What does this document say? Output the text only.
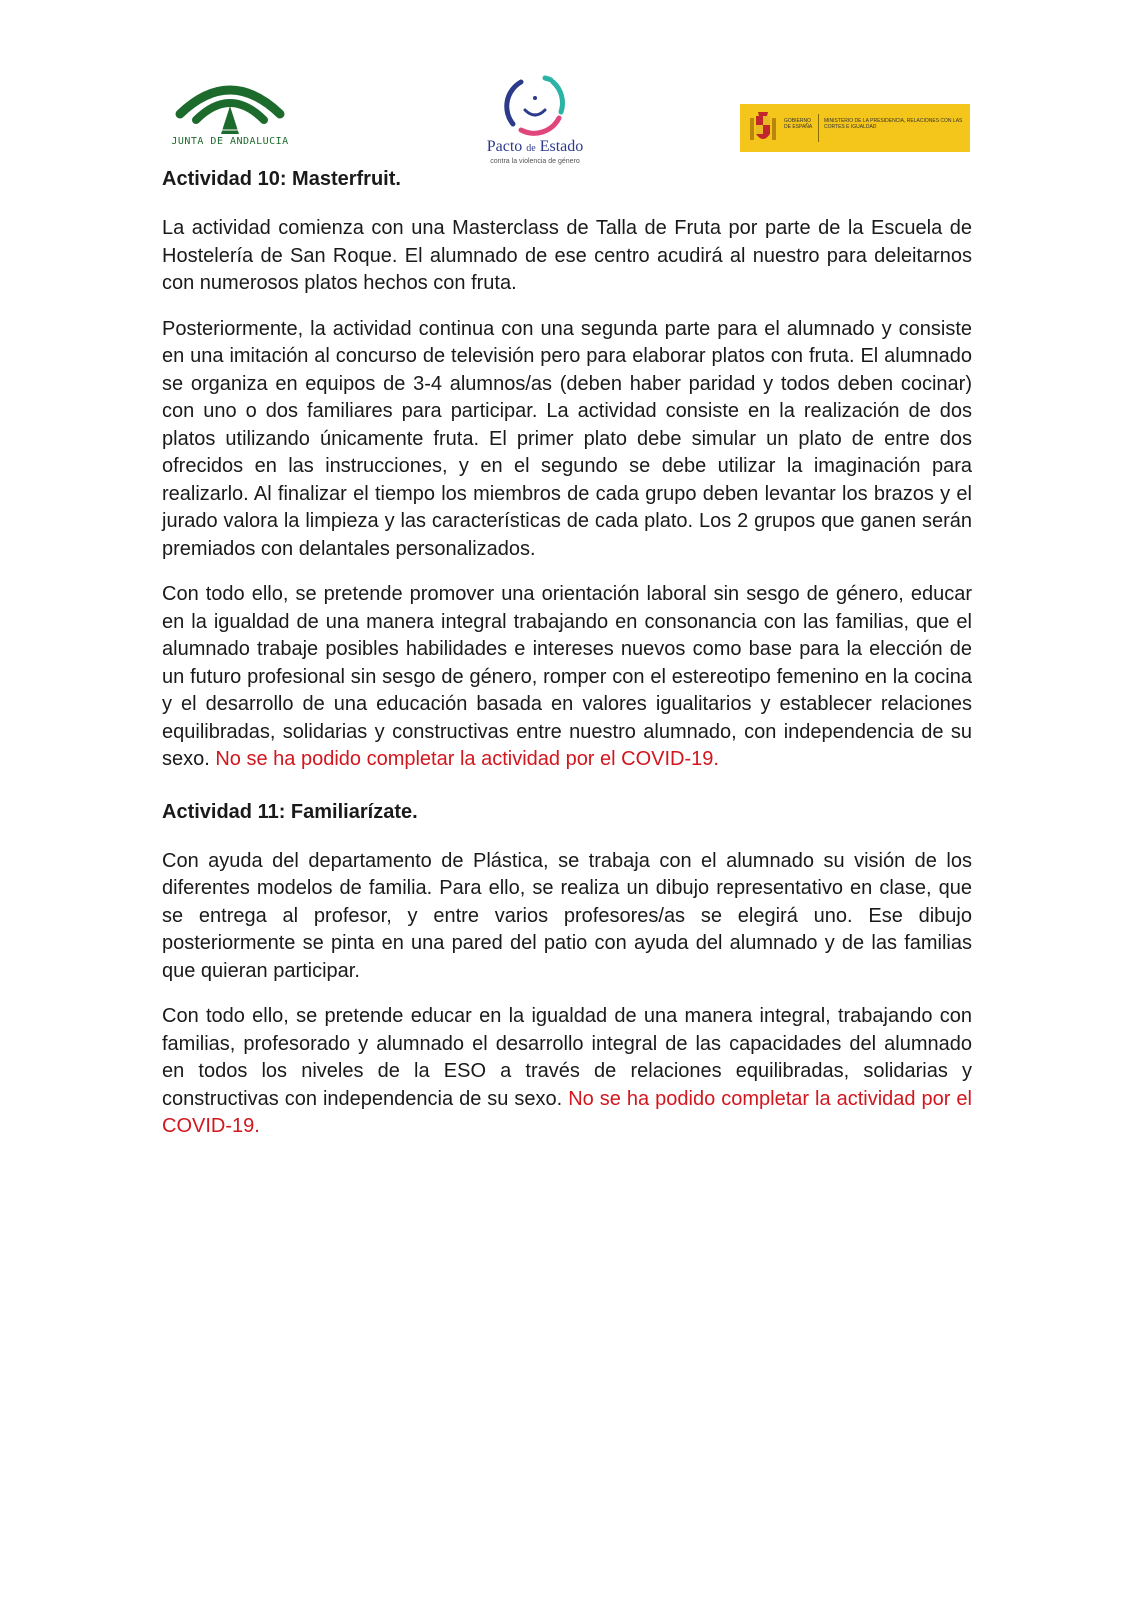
JUNTA DE ANDALUCIA	Pacto de Estado
contra la violencia de género
GOBIERNO DE ESPAÑA
MINISTERIO DE LA PRESIDENCIA, RELACIONES CON LAS CORTES E IGUALDAD
Actividad 10: Masterfruit.

La actividad comienza con una Masterclass de Talla de Fruta por parte de la Escuela de Hostelería de San Roque. El alumnado de ese centro acudirá al nuestro para deleitarnos con numerosos platos hechos con fruta.

Posteriormente, la actividad continua con una segunda parte para el alumnado y consiste en una imitación al concurso de televisión pero para elaborar platos con fruta. El alumnado se organiza en equipos de 3-4 alumnos/as (deben haber paridad y todos deben cocinar) con uno o dos familiares para participar. La actividad consiste en la realización de dos platos utilizando únicamente fruta. El primer plato debe simular un plato de entre dos ofrecidos en las instrucciones, y en el segundo se debe utilizar la imaginación para realizarlo. Al finalizar el tiempo los miembros de cada grupo deben levantar los brazos y el jurado valora la limpieza y las características de cada plato. Los 2 grupos que ganen serán premiados con delantales personalizados.

Con todo ello, se pretende promover una orientación laboral sin sesgo de género, educar en la igualdad de una manera integral trabajando en consonancia con las familias, que el alumnado trabaje posibles habilidades e intereses nuevos como base para la elección de un futuro profesional sin sesgo de género, romper con el estereotipo femenino en la cocina y el desarrollo de una educación basada en valores igualitarios y establecer relaciones equilibradas, solidarias y constructivas entre nuestro alumnado, con independencia de su sexo. No se ha podido completar la actividad por el COVID-19.

Actividad 11: Familiarízate.

Con ayuda del departamento de Plástica, se trabaja con el alumnado su visión de los diferentes modelos de familia. Para ello, se realiza un dibujo representativo en clase, que se entrega al profesor, y entre varios profesores/as se elegirá uno. Ese dibujo posteriormente se pinta en una pared del patio con ayuda del alumnado y de las familias que quieran participar.

Con todo ello, se pretende educar en la igualdad de una manera integral, trabajando con familias, profesorado y alumnado el desarrollo integral de las capacidades del alumnado en todos los niveles de la ESO a través de relaciones equilibradas, solidarias y constructivas con independencia de su sexo. No se ha podido completar la actividad por el COVID-19.
